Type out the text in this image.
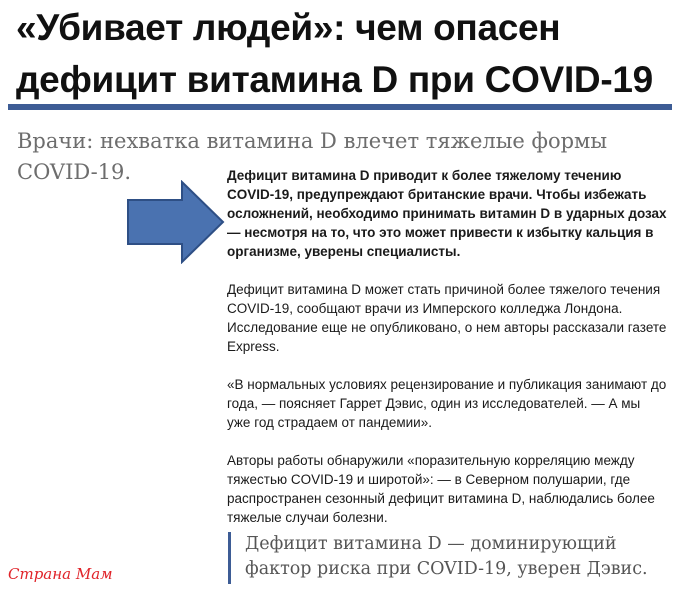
«Убивает людей»: чем опасен дефицит витамина D при COVID-19

Врачи: нехватка витамина D влечет тяжелые формы COVID-19.	Дефицит витамина D приводит к более тяжелому течению COVID-19, предупреждают британские врачи. Чтобы избежать осложнений, необходимо принимать витамин D в ударных дозах — несмотря на то, что это может привести к избытку кальция в организме, уверены специалисты.

Дефицит витамина D может стать причиной более тяжелого течения COVID-19, сообщают врачи из Имперского колледжа Лондона. Исследование еще не опубликовано, о нем авторы рассказали газете Express.

«В нормальных условиях рецензирование и публикация занимают до года, — поясняет Гаррет Дэвис, один из исследователей. — А мы уже год страдаем от пандемии».

Авторы работы обнаружили «поразительную корреляцию между тяжестью COVID-19 и широтой»: — в Северном полушарии, где распространен сезонный дефицит витамина D, наблюдались более тяжелые случаи болезни.

Дефицит витамина D — доминирующий фактор риска при COVID-19, уверен Дэвис.

Страна Мам
